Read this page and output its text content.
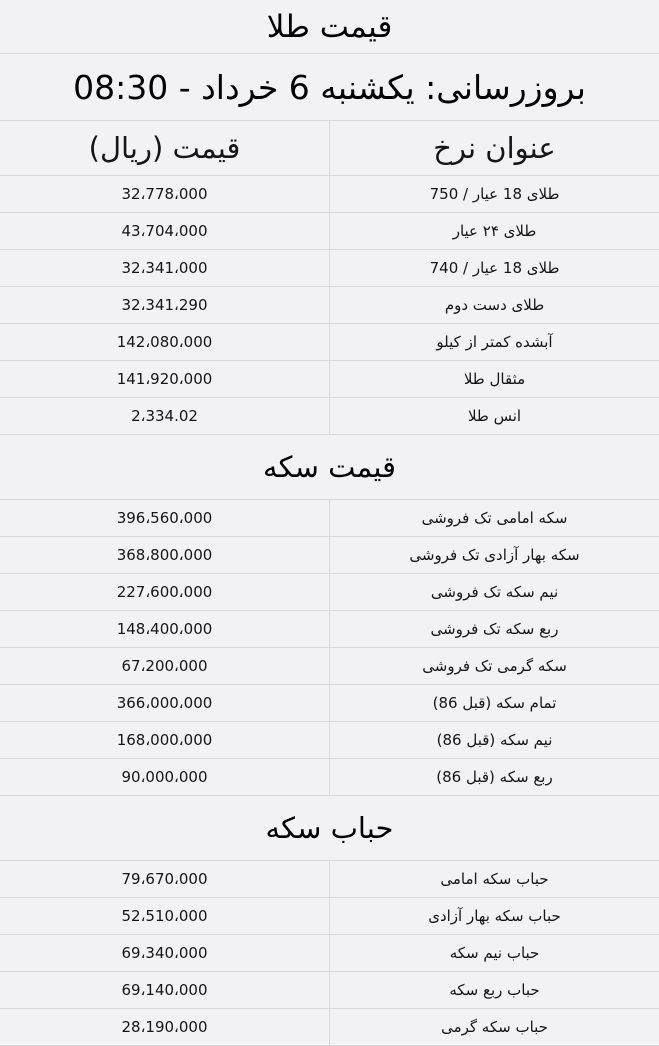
قیمت طلا
بروزرسانی: یکشنبه 6 خرداد - 08:30
عنوان نرخ
قیمت (ریال)
طلای 18 عیار / 750
32،778،000
طلای ۲۴ عیار
43،704،000
طلای 18 عیار / 740
32،341،000
طلای دست دوم
32،341،290
آبشده کمتر از کیلو
142،080،000
مثقال طلا
141،920،000
انس طلا
2،334.02
قیمت سکه
سکه امامی تک فروشی
396،560،000
سکه بهار آزادی تک فروشی
368،800،000
نیم سکه تک فروشی
227،600،000
ربع سکه تک فروشی
148،400،000
سکه گرمی تک فروشی
67،200،000
تمام سکه (قبل 86)
366،000،000
نیم سکه (قبل 86)
168،000،000
ربع سکه (قبل 86)
90،000،000
حباب سکه
حباب سکه امامی
79،670،000
حباب سکه بهار آزادی
52،510،000
حباب نیم سکه
69،340،000
حباب ربع سکه
69،140،000
حباب سکه گرمی
28،190،000
